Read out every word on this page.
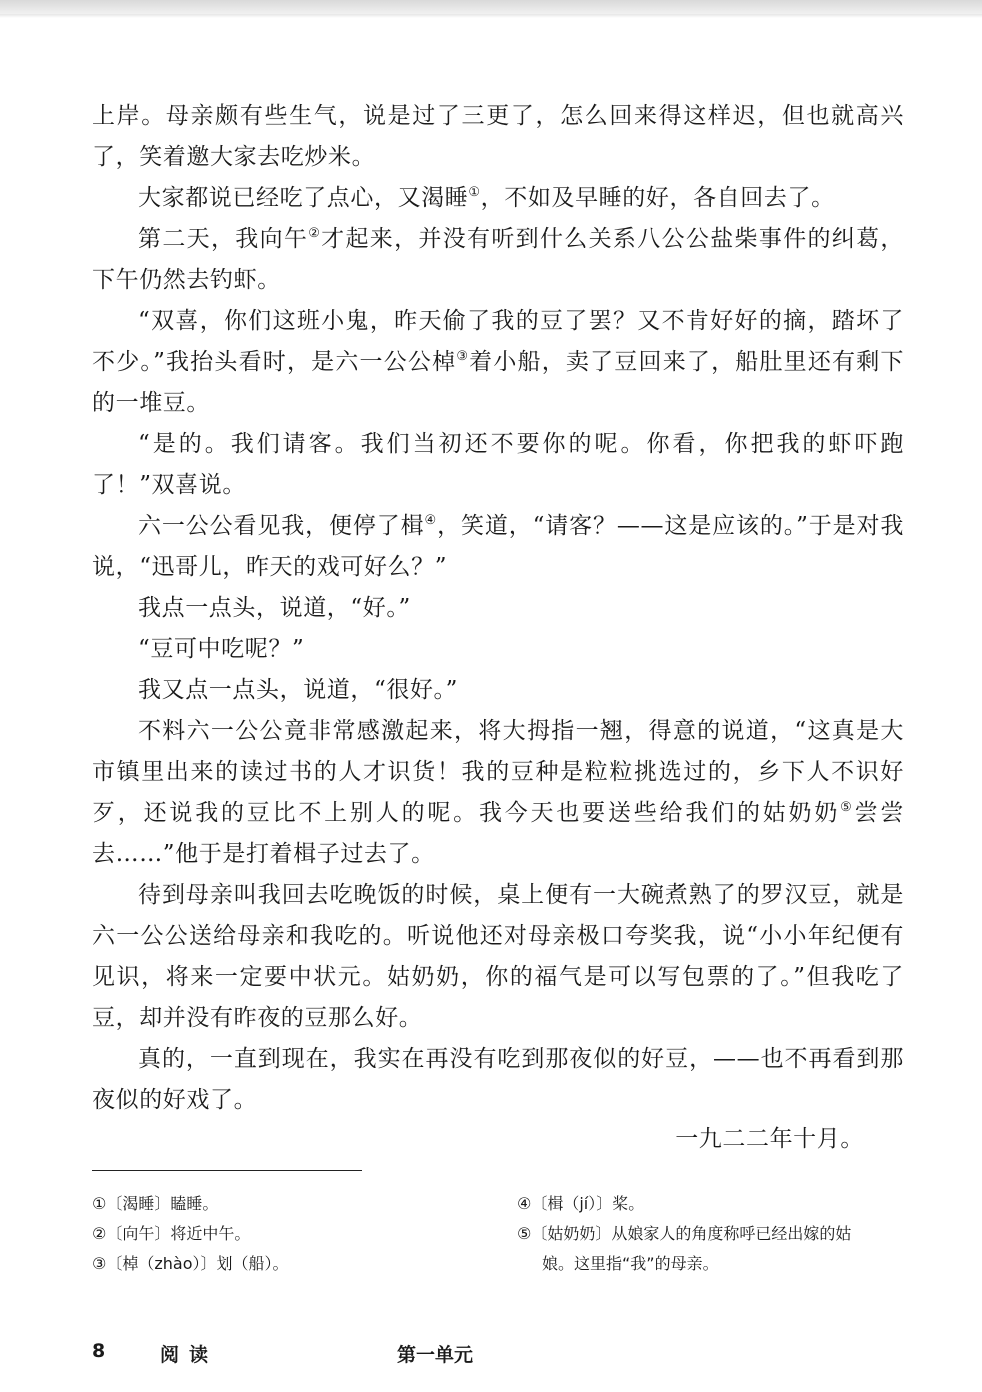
上岸。母亲颇有些生气，说是过了三更了，怎么回来得这样迟，但也就高兴了，笑着邀大家去吃炒米。

大家都说已经吃了点心，又渴睡①，不如及早睡的好，各自回去了。

第二天，我向午②才起来，并没有听到什么关系八公公盐柴事件的纠葛，下午仍然去钓虾。

“双喜，你们这班小鬼，昨天偷了我的豆了罢？又不肯好好的摘，踏坏了不少。”我抬头看时，是六一公公棹③着小船，卖了豆回来了，船肚里还有剩下的一堆豆。

“是的。我们请客。我们当初还不要你的呢。你看，你把我的虾吓跑了！”双喜说。

六一公公看见我，便停了楫④，笑道，“请客？——这是应该的。”于是对我说，“迅哥儿，昨天的戏可好么？”

我点一点头，说道，“好。”

“豆可中吃呢？”

我又点一点头，说道，“很好。”

不料六一公公竟非常感激起来，将大拇指一翘，得意的说道，“这真是大市镇里出来的读过书的人才识货！我的豆种是粒粒挑选过的，乡下人不识好歹，还说我的豆比不上别人的呢。我今天也要送些给我们的姑奶奶⑤尝尝去……”他于是打着楫子过去了。

待到母亲叫我回去吃晚饭的时候，桌上便有一大碗煮熟了的罗汉豆，就是六一公公送给母亲和我吃的。听说他还对母亲极口夸奖我，说“小小年纪便有见识，将来一定要中状元。姑奶奶，你的福气是可以写包票的了。”但我吃了豆，却并没有昨夜的豆那么好。

真的，一直到现在，我实在再没有吃到那夜似的好豆，——也不再看到那夜似的好戏了。

一九二二年十月。

①〔渴睡〕瞌睡。

②〔向午〕将近中午。

③〔棹（zhào）〕划（船）。

④〔楫（jí）〕桨。

⑤〔姑奶奶〕从娘家人的角度称呼已经出嫁的姑

娘。这里指“我”的母亲。

8	阅读	第一单元
